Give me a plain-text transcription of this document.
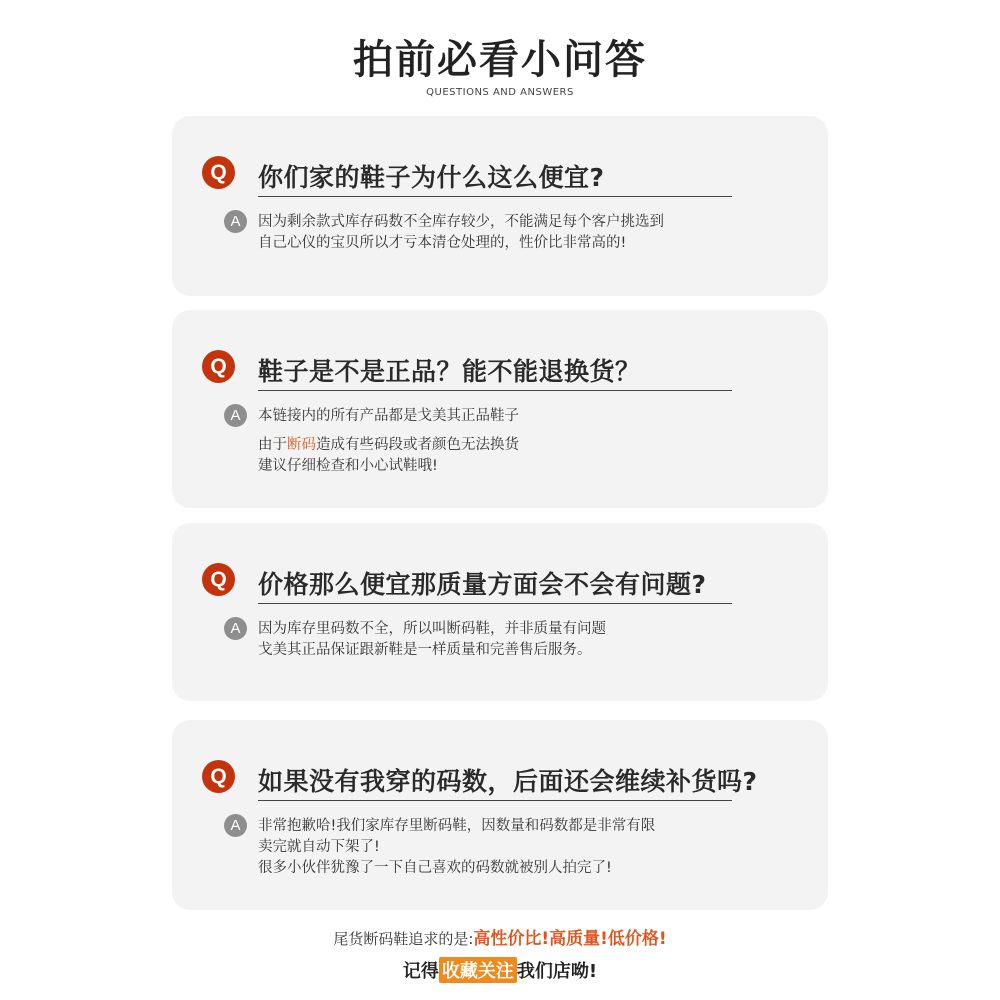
拍前必看小问答
QUESTIONS AND ANSWERS
Q	你们家的鞋子为什么这么便宜?
A	因为剩余款式库存码数不全库存较少，不能满足每个客户挑选到
自己心仪的宝贝所以才亏本清仓处理的，性价比非常高的!
Q	鞋子是不是正品？能不能退换货？
A	本链接内的所有产品都是戈美其正品鞋子
由于断码造成有些码段或者颜色无法换货
建议仔细检查和小心试鞋哦!
Q	价格那么便宜那质量方面会不会有问题?
A	因为库存里码数不全，所以叫断码鞋，并非质量有问题
戈美其正品保证跟新鞋是一样质量和完善售后服务。
Q	如果没有我穿的码数，后面还会维续补货吗?
A	非常抱歉哈!我们家库存里断码鞋，因数量和码数都是非常有限
卖完就自动下架了!
很多小伙伴犹豫了一下自己喜欢的码数就被别人拍完了!
尾货断码鞋追求的是:高性价比!高质量!低价格!
记得 收藏关注 我们店呦!
